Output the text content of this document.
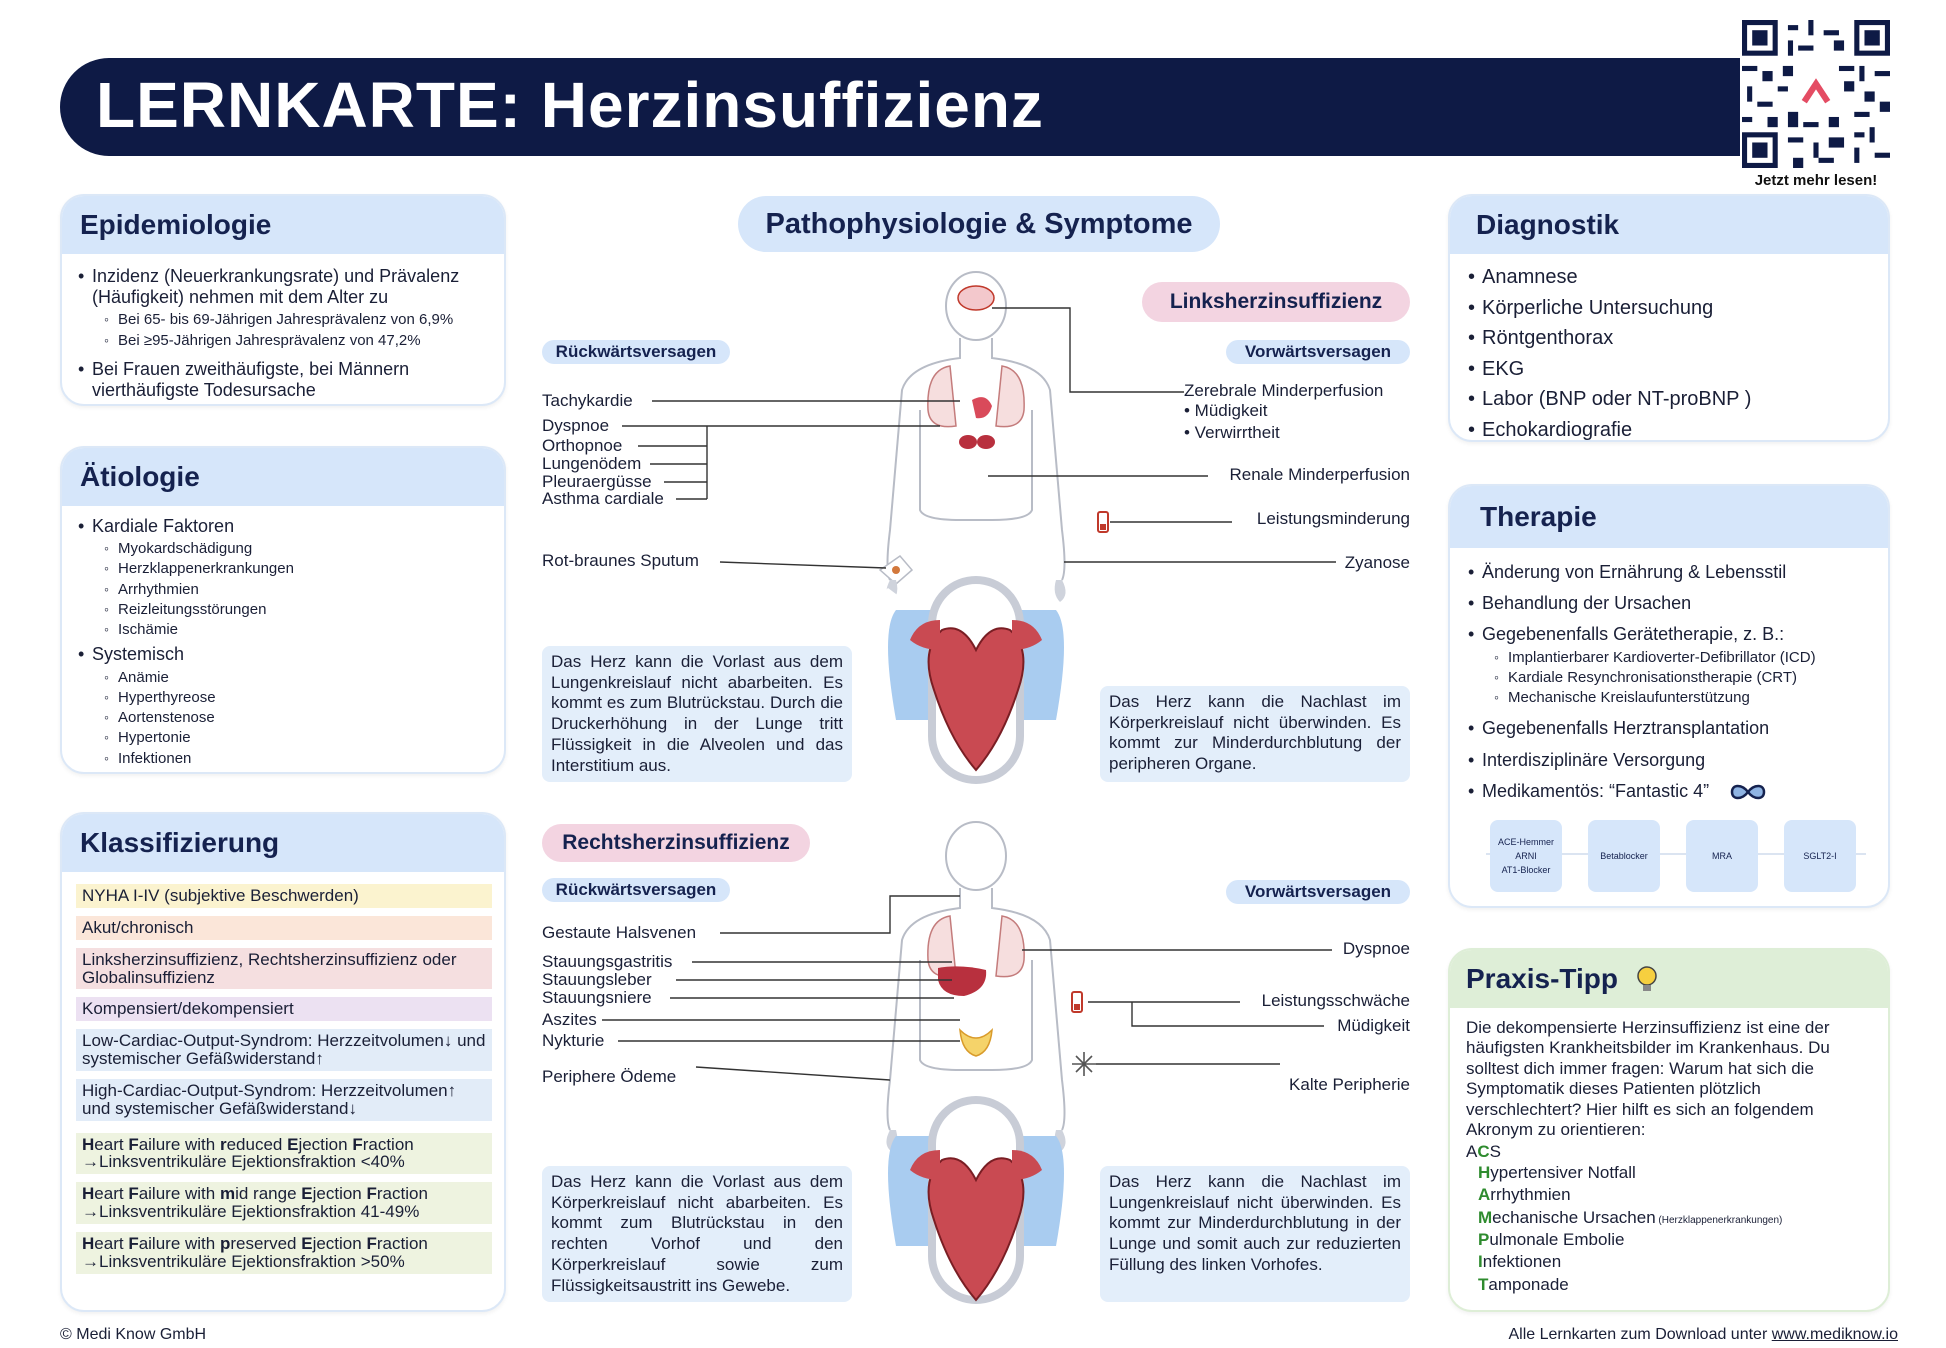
LERNKARTE: Herzinsuffizienz
Jetzt mehr lesen!
Epidemiologie
• Inzidenz (Neuerkrankungsrate) und Prävalenz (Häufigkeit) nehmen mit dem Alter zu
◦ Bei 65- bis 69-Jährigen Jahresprävalenz von 6,9%
◦ Bei ≥95-Jährigen Jahresprävalenz von 47,2%
• Bei Frauen zweithäufigste, bei Männern vierthäufigste Todesursache
Ätiologie
• Kardiale Faktoren
◦ Myokardschädigung
◦ Herzklappenerkrankungen
◦ Arrhythmien
◦ Reizleitungsstörungen
◦ Ischämie
• Systemisch
◦ Anämie
◦ Hyperthyreose
◦ Aortenstenose
◦ Hypertonie
◦ Infektionen
Klassifizierung
NYHA I-IV (subjektive Beschwerden)
Akut/chronisch
Linksherzinsuffizienz, Rechtsherzinsuffizienz oder Globalinsuffizienz
Kompensiert/dekompensiert
Low-Cardiac-Output-Syndrom: Herzzeitvolumen↓ und systemischer Gefäßwiderstand↑
High-Cardiac-Output-Syndrom: Herzzeitvolumen↑ und systemischer Gefäßwiderstand↓
Heart Failure with reduced Ejection Fraction
→Linksventrikuläre Ejektionsfraktion <40%
Heart Failure with mid range Ejection Fraction
→Linksventrikuläre Ejektionsfraktion 41-49%
Heart Failure with preserved Ejection Fraction
→Linksventrikuläre Ejektionsfraktion >50%
Pathophysiologie & Symptome
Linksherzinsuffizienz
Rückwärtsversagen	Vorwärtsversagen
Tachykardie
Dyspnoe
Orthopnoe
Lungenödem
Pleuraergüsse
Asthma cardiale
Rot-braunes Sputum
Zerebrale Minderperfusion
• Müdigkeit
• Verwirrtheit
Renale Minderperfusion
Leistungsminderung
Zyanose
Das Herz kann die Vorlast aus dem Lungenkreislauf nicht abarbeiten. Es kommt es zum Blutrückstau. Durch die Druckerhöhung in der Lunge tritt Flüssigkeit in die Alveolen und das Interstitium aus.
Das Herz kann die Nachlast im Körperkreislauf nicht überwinden. Es kommt zur Minderdurchblutung der peripheren Organe.
Rechtsherzinsuffizienz
Rückwärtsversagen	Vorwärtsversagen
Gestaute Halsvenen
Stauungsgastritis
Stauungsleber
Stauungsniere
Aszites
Nykturie
Periphere Ödeme
Dyspnoe
Leistungsschwäche
Müdigkeit
Kalte Peripherie
Das Herz kann die Vorlast aus dem Körperkreislauf nicht abarbeiten. Es kommt zum Blutrückstau in den rechten Vorhof und den Körperkreislauf sowie zum Flüssigkeitsaustritt ins Gewebe.
Das Herz kann die Nachlast im Lungenkreislauf nicht überwinden. Es kommt zur Minderdurchblutung in der Lunge und somit auch zur reduzierten Füllung des linken Vorhofes.
Diagnostik
• Anamnese
• Körperliche Untersuchung
• Röntgenthorax
• EKG
• Labor (BNP oder NT-proBNP )
• Echokardiografie
Therapie
• Änderung von Ernährung & Lebensstil
• Behandlung der Ursachen
• Gegebenenfalls Gerätetherapie, z. B.:
◦ Implantierbarer Kardioverter-Defibrillator (ICD)
◦ Kardiale Resynchronisationstherapie (CRT)
◦ Mechanische Kreislaufunterstützung
• Gegebenenfalls Herztransplantation
• Interdisziplinäre Versorgung
• Medikamentös: “Fantastic 4”
ACE-Hemmer
ARNI
AT1-Blocker
Betablocker	MRA	SGLT2-I
Praxis-Tipp
Die dekompensierte Herzinsuffizienz ist eine der häufigsten Krankheitsbilder im Krankenhaus. Du solltest dich immer fragen: Warum hat sich die Symptomatik dieses Patienten plötzlich verschlechtert? Hier hilft es sich an folgendem Akronym zu orientieren:
ACS
Hypertensiver Notfall
Arrhythmien
Mechanische Ursachen (Herzklappenerkrankungen)
Pulmonale Embolie
Infektionen
Tamponade
© Medi Know GmbH	Alle Lernkarten zum Download unter www.mediknow.io
